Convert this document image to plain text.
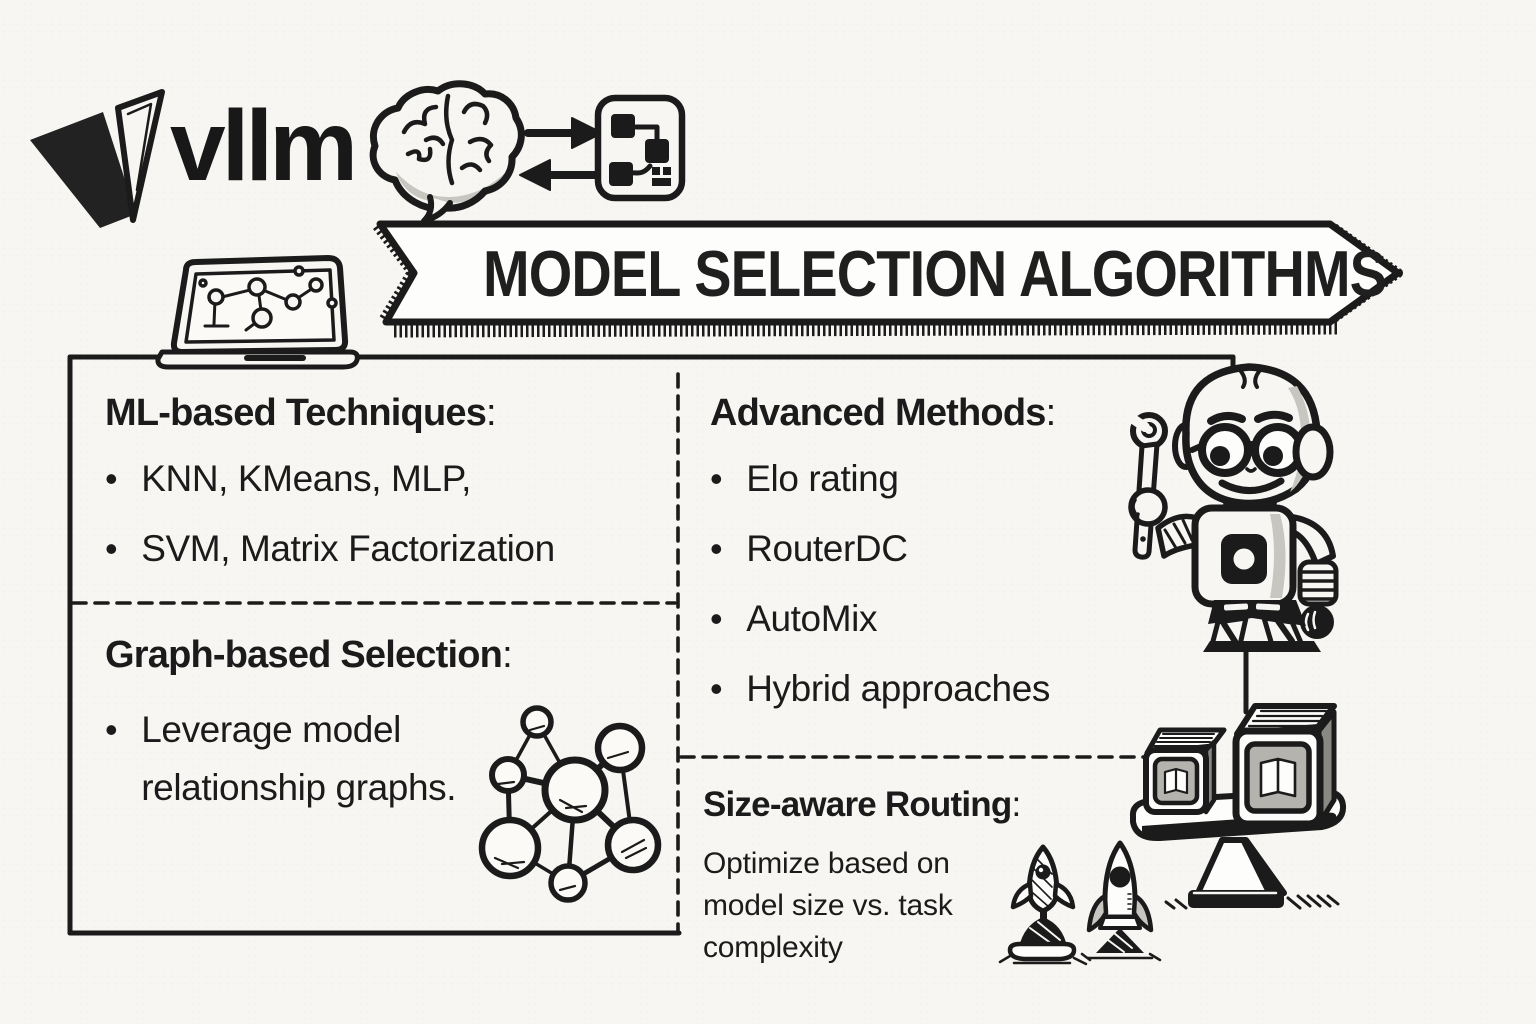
vllm
MODEL SELECTION ALGORITHMS
ML-based Techniques:
• KNN, KMeans, MLP,
• SVM, Matrix Factorization
Graph-based Selection:
• Leverage model relationship graphs.
Advanced Methods:
• Elo rating
• RouterDC
• AutoMix
• Hybrid approaches
Size-aware Routing:

Optimize based on model size vs. task complexity
